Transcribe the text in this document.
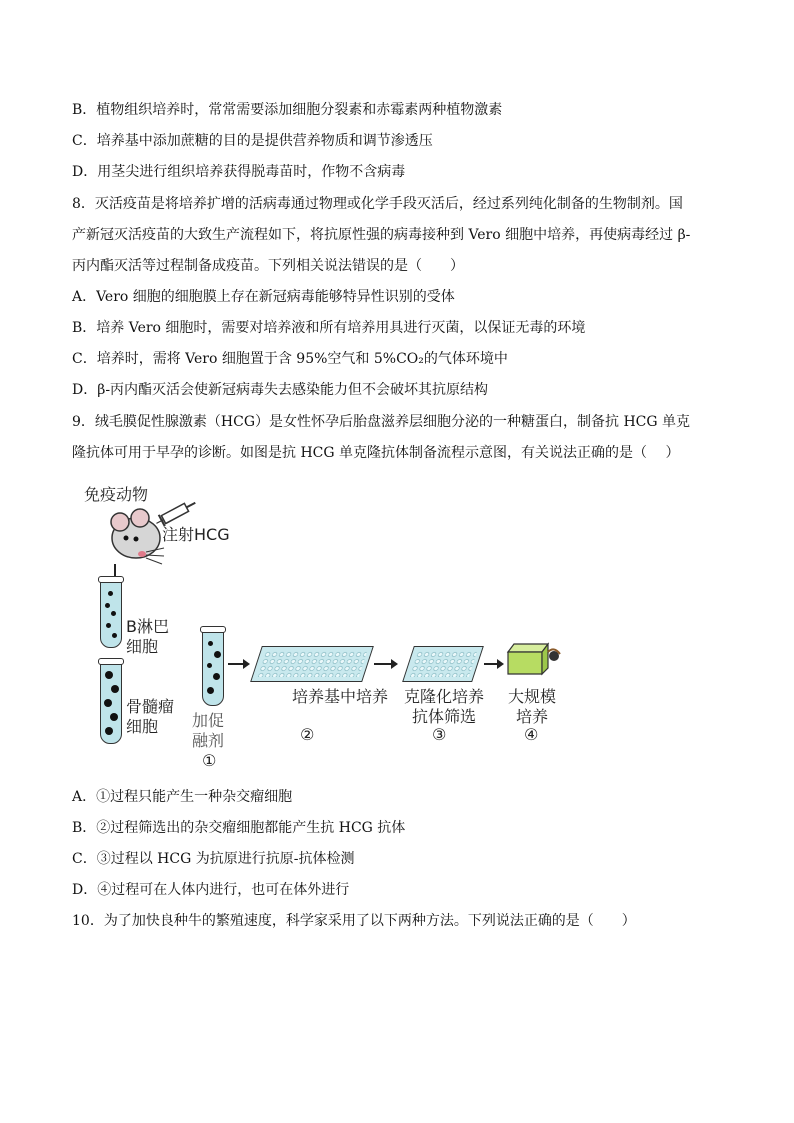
B．植物组织培养时，常常需要添加细胞分裂素和赤霉素两种植物激素
C．培养基中添加蔗糖的目的是提供营养物质和调节渗透压
D．用茎尖进行组织培养获得脱毒苗时，作物不含病毒
8．灭活疫苗是将培养扩增的活病毒通过物理或化学手段灭活后，经过系列纯化制备的生物制剂。国
产新冠灭活疫苗的大致生产流程如下，将抗原性强的病毒接种到 Vero 细胞中培养，再使病毒经过 β-
丙内酯灭活等过程制备成疫苗。下列相关说法错误的是（　　）
A．Vero 细胞的细胞膜上存在新冠病毒能够特异性识别的受体
B．培养 Vero 细胞时，需要对培养液和所有培养用具进行灭菌，以保证无毒的环境
C．培养时，需将 Vero 细胞置于含 95%空气和 5%CO₂的气体环境中
D．β-丙内酯灭活会使新冠病毒失去感染能力但不会破坏其抗原结构
9．绒毛膜促性腺激素（HCG）是女性怀孕后胎盘滋养层细胞分泌的一种糖蛋白，制备抗 HCG 单克
隆抗体可用于早孕的诊断。如图是抗 HCG 单克隆抗体制备流程示意图，有关说法正确的是（　 ）
免疫动物
注射HCG
B淋巴
细胞
骨髓瘤
细胞 加促
融剂
①
培养基中培养
②
克隆化培养
抗体筛选
③
大规模
培养
④
A．①过程只能产生一种杂交瘤细胞
B．②过程筛选出的杂交瘤细胞都能产生抗 HCG 抗体
C．③过程以 HCG 为抗原进行抗原-抗体检测
D．④过程可在人体内进行，也可在体外进行
10．为了加快良种牛的繁殖速度，科学家采用了以下两种方法。下列说法正确的是（　　）
